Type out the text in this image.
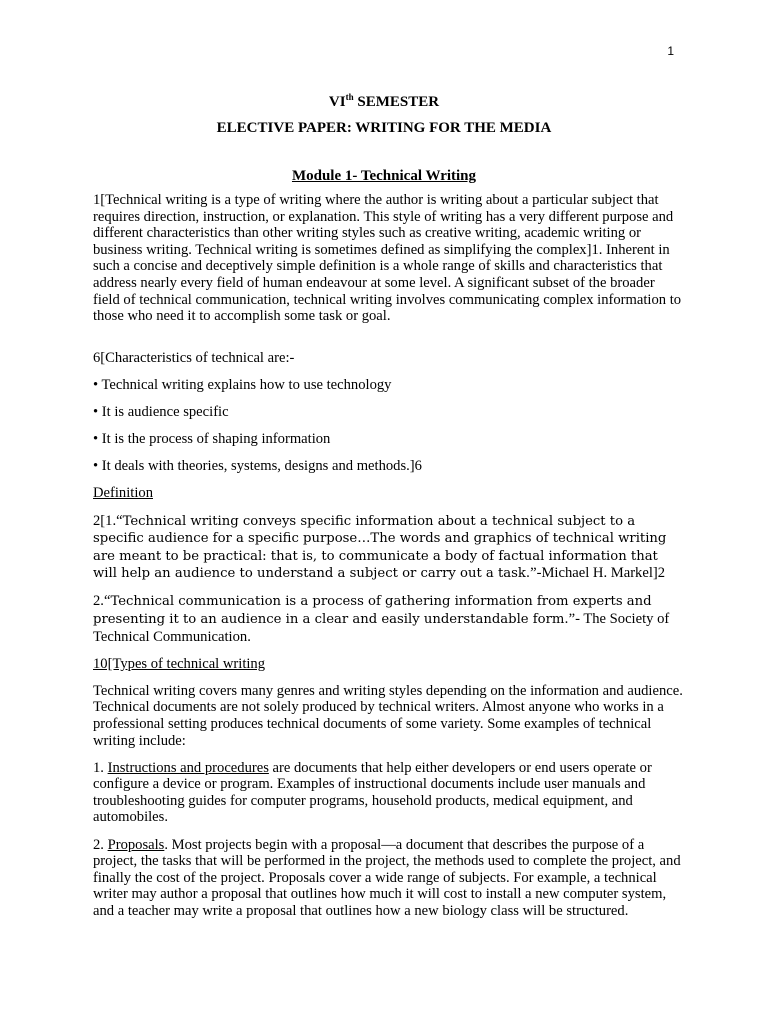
1
VIth SEMESTER
ELECTIVE PAPER: WRITING FOR THE MEDIA
Module 1- Technical Writing

1[Technical writing is a type of writing where the author is writing about a particular subject that requires direction, instruction, or explanation. This style of writing has a very different purpose and different characteristics than other writing styles such as creative writing, academic writing or business writing. Technical writing is sometimes defined as simplifying the complex]1. Inherent in such a concise and deceptively simple definition is a whole range of skills and characteristics that address nearly every field of human endeavour at some level. A significant subset of the broader field of technical communication, technical writing involves communicating complex information to those who need it to accomplish some task or goal.

6[Characteristics of technical are:-

• Technical writing explains how to use technology

• It is audience specific

• It is the process of shaping information

• It deals with theories, systems, designs and methods.]6

Definition

2[1.“Technical writing conveys specific information about a technical subject to a specific audience for a specific purpose…The words and graphics of technical writing are meant to be practical: that is, to communicate a body of factual information that will help an audience to understand a subject or carry out a task.”-Michael H. Markel]2

2.“Technical communication is a process of gathering information from experts and presenting it to an audience in a clear and easily understandable form.”- The Society of Technical Communication.

10[Types of technical writing

Technical writing covers many genres and writing styles depending on the information and audience. Technical documents are not solely produced by technical writers. Almost anyone who works in a professional setting produces technical documents of some variety. Some examples of technical writing include:

1. Instructions and procedures are documents that help either developers or end users operate or configure a device or program. Examples of instructional documents include user manuals and troubleshooting guides for computer programs, household products, medical equipment, and automobiles.

2. Proposals. Most projects begin with a proposal—a document that describes the purpose of a project, the tasks that will be performed in the project, the methods used to complete the project, and finally the cost of the project. Proposals cover a wide range of subjects. For example, a technical writer may author a proposal that outlines how much it will cost to install a new computer system, and a teacher may write a proposal that outlines how a new biology class will be structured.
